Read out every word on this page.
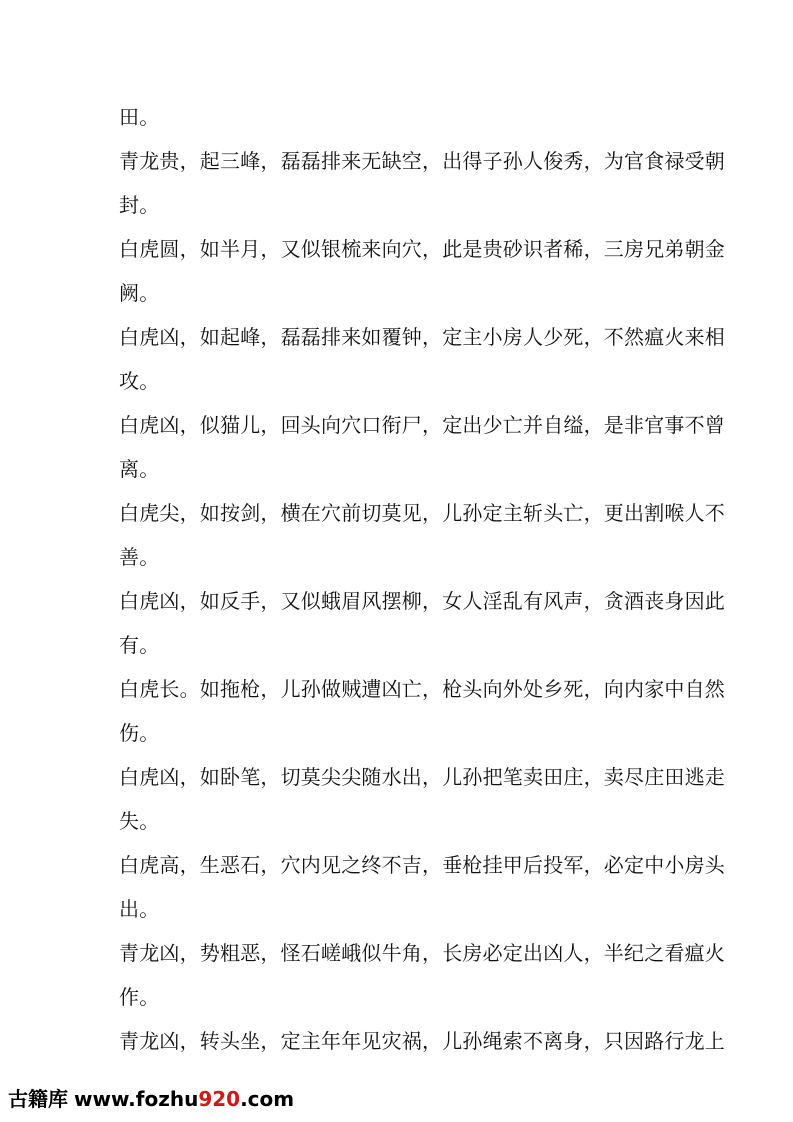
田。
青龙贵，起三峰，磊磊排来无缺空，出得子孙人俊秀，为官食禄受朝
封。
白虎圆，如半月，又似银梳来向穴，此是贵砂识者稀，三房兄弟朝金
阙。
白虎凶，如起峰，磊磊排来如覆钟，定主小房人少死，不然瘟火来相
攻。
白虎凶，似猫儿，回头向穴口衔尸，定出少亡并自缢，是非官事不曾
离。
白虎尖，如按剑，横在穴前切莫见，儿孙定主斩头亡，更出割喉人不
善。
白虎凶，如反手，又似蛾眉风摆柳，女人淫乱有风声，贪酒丧身因此
有。
白虎长。如拖枪，儿孙做贼遭凶亡，枪头向外处乡死，向内家中自然
伤。
白虎凶，如卧笔，切莫尖尖随水出，儿孙把笔卖田庄，卖尽庄田逃走
失。
白虎高，生恶石，穴内见之终不吉，垂枪挂甲后投军，必定中小房头
出。
青龙凶，势粗恶，怪石嵯峨似牛角，长房必定出凶人，半纪之看瘟火
作。
青龙凶，转头坐，定主年年见灾祸，儿孙绳索不离身，只因路行龙上
古籍库 www.fozhu920.com
